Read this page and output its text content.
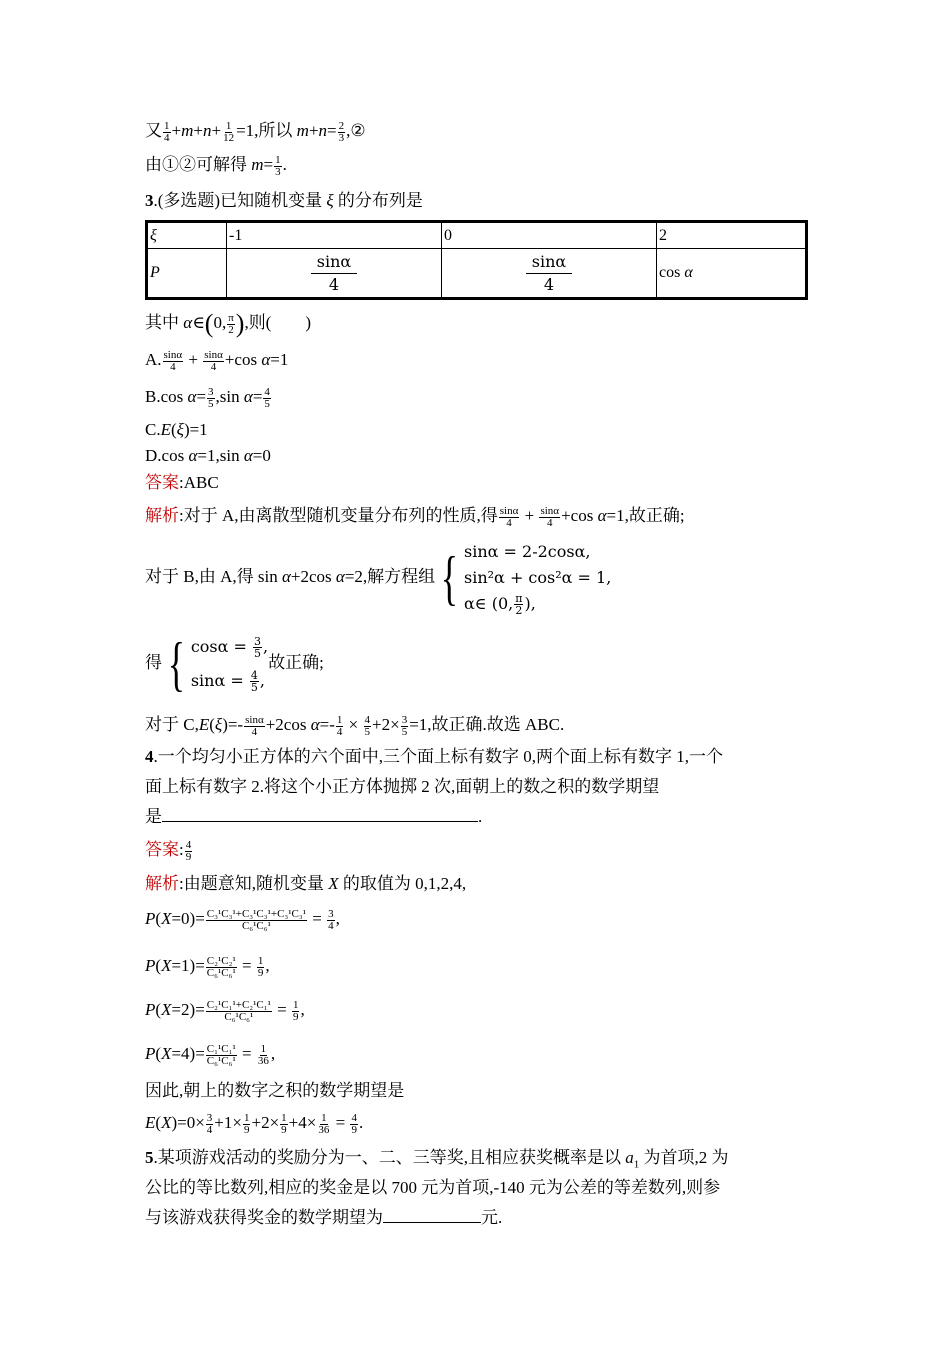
又 $\frac{1}{4} +m+n+ \frac{1}{12} =1$,所以 $m+n= \frac{2}{3}$ ,②
由①②可解得 $m= \frac{1}{3}$ .
3.(多选题)已知随机变量 ξ 的分布列是
ξ	-1	0	2
P	$\frac{\sin\alpha}{4}$	$\frac{\sin\alpha}{4}$	cos α
其中 α∈(0, $\frac{\pi}{2}$ ),则(　　 )
A. $\frac{\sin\alpha}{4} + \frac{\sin\alpha}{4} +\cos$ α=1
B.cos $\alpha= \frac{3}{5} ,\sin$ $\alpha= \frac{4}{5}$
C.E(ξ)=1
D.cos α=1,sin α=0
答案:ABC
解析:对于 A,由离散型随机变量分布列的性质,得 $\frac{\sin\alpha}{4} + \frac{\sin\alpha}{4} +\cos$ α=1,故正确;
对于 B,由 A,得 sin α+2cos α=2,解方程组{ sinα = 2-2cosα,
sin²α + cos²α = 1,
α∈ (0, $\frac{\pi}{2}$ ),
得{ $\cos\alpha = \frac{3}{5}$ ,
$\sin\alpha = \frac{4}{5}$ ,
故正确;
对于 $C,E(\xi)=- \frac{\sin\alpha}{4} +2\cos$ $\alpha=- \frac{1}{4} \times \frac{4}{5} +2\times \frac{3}{5} =1$,故正确.故选 ABC.
4.一个均匀小正方体的六个面中,三个面上标有数字 0,两个面上标有数字 1,一个
面上标有数字 2.将这个小正方体抛掷 2 次,面朝上的数之积的数学期望
是	.
答案: $\frac{4}{9}$
解析:由题意知,随机变量 X 的取值为 0,1,2,4,
$P(X=0)= \frac{\text{C₃¹C₃¹+C₃¹C₃¹+C₃¹C₃¹}}{\text{C₆¹C₆¹}} = \frac{3}{4}$ ,
$P(X=1)= \frac{\text{C₂¹C₂¹}}{\text{C₆¹C₆¹}} = \frac{1}{9}$ ,
$P(X=2)= \frac{\text{C₂¹C₁¹+C₂¹C₁¹}}{\text{C₆¹C₆¹}} = \frac{1}{9}$ ,
$P(X=4)= \frac{\text{C₁¹C₁¹}}{\text{C₆¹C₆¹}} = \frac{1}{36}$ ,
因此,朝上的数字之积的数学期望是
$E(X)=0\times \frac{3}{4} +1\times \frac{1}{9} +2\times \frac{1}{9} +4\times \frac{1}{36} = \frac{4}{9}$ .
5.某项游戏活动的奖励分为一、二、三等奖,且相应获奖概率是以 $a_1$ 为首项,2 为
公比的等比数列,相应的奖金是以 700 元为首项,-140 元为公差的等差数列,则参
与该游戏获得奖金的数学期望为	元.
